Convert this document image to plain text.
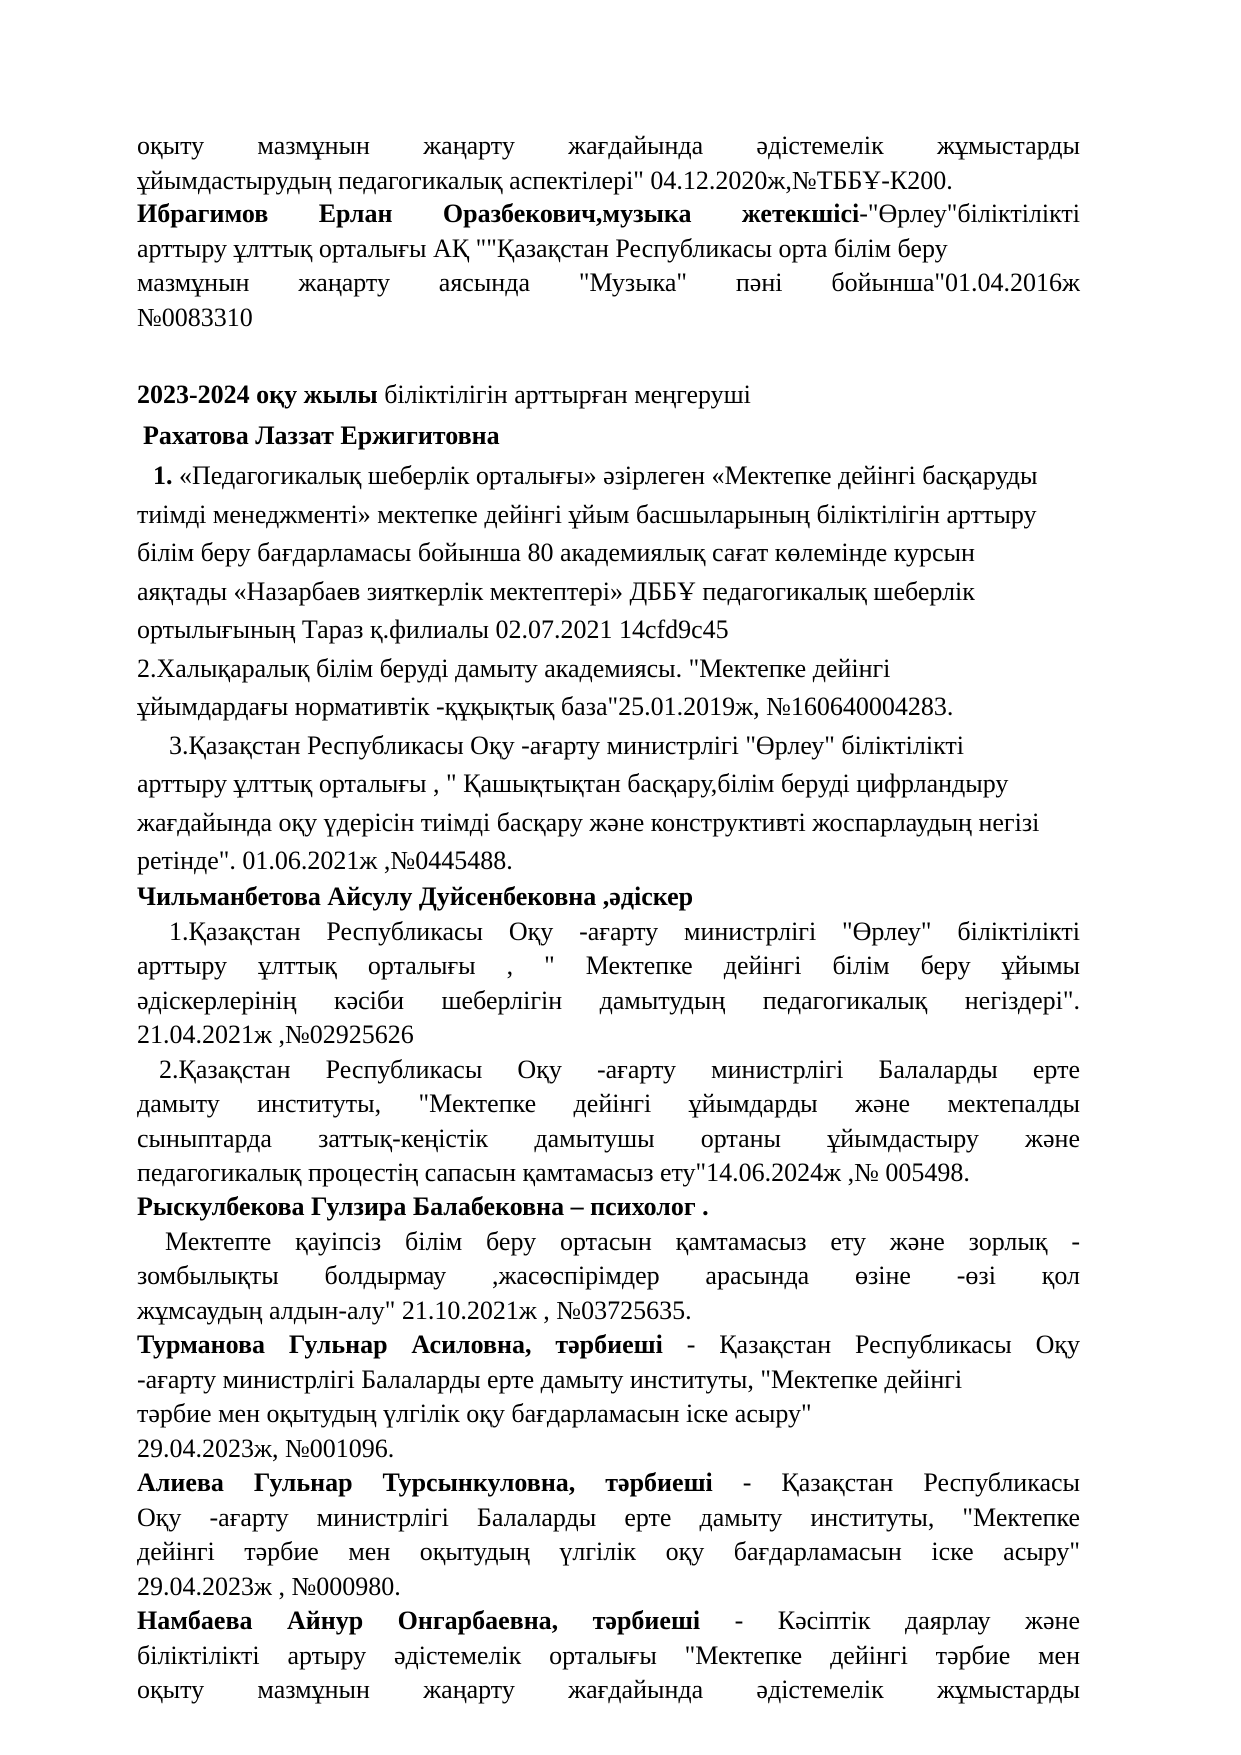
оқыту мазмұнын жаңарту жағдайында әдістемелік жұмыстарды
ұйымдастырудың педагогикалық аспектілері" 04.12.2020ж,№ТББҰ-К200.
Ибрагимов Ерлан Оразбекович,музыка жетекшісі-"Өрлеу"біліктілікті
арттыру ұлттық орталығы АҚ ""Қазақстан Республикасы орта білім беру
мазмұнын жаңарту аясында "Музыка" пәні бойынша"01.04.2016ж
№0083310
2023-2024 оқу жылы біліктілігін арттырған меңгеруші
Рахатова Лаззат Ержигитовна
1. «Педагогикалық шеберлік орталығы» әзірлеген «Мектепке дейінгі басқаруды
тиімді менеджменті» мектепке дейінгі ұйым басшыларының біліктілігін арттыру
білім беру бағдарламасы бойынша 80 академиялық сағат көлемінде курсын
аяқтады «Назарбаев зияткерлік мектептері» ДББҰ педагогикалық шеберлік
ортылығының Тараз қ.филиалы 02.07.2021 14cfd9c45
2.Халықаралық білім беруді дамыту академиясы. "Мектепке дейінгі
ұйымдардағы нормативтік -құқықтық база"25.01.2019ж, №160640004283.
3.Қазақстан Республикасы Оқу -ағарту министрлігі "Өрлеу" біліктілікті
арттыру ұлттық орталығы , " Қашықтықтан басқару,білім беруді цифрландыру
жағдайында оқу үдерісін тиімді басқару және конструктивті жоспарлаудың негізі
ретінде". 01.06.2021ж ,№0445488.
Чильманбетова Айсулу Дуйсенбековна ,әдіскер
1.Қазақстан Республикасы Оқу -ағарту министрлігі "Өрлеу" біліктілікті
арттыру ұлттық орталығы , " Мектепке дейінгі білім беру ұйымы
әдіскерлерінің кәсіби шеберлігін дамытудың педагогикалық негіздері".
21.04.2021ж ,№02925626
2.Қазақстан Республикасы Оқу -ағарту министрлігі Балаларды ерте
дамыту институты, "Мектепке дейінгі ұйымдарды және мектепалды
сыныптарда заттық-кеңістік дамытушы ортаны ұйымдастыру және
педагогикалық процестің сапасын қамтамасыз ету"14.06.2024ж ,№ 005498.
Рыскулбекова Гулзира Балабековна – психолог .
Мектепте қауіпсіз білім беру ортасын қамтамасыз ету және зорлық -
зомбылықты болдырмау ,жасөспірімдер арасында өзіне -өзі қол
жұмсаудың алдын-алу" 21.10.2021ж , №03725635.
Турманова Гульнар Асиловна, тәрбиеші - Қазақстан Республикасы Оқу
-ағарту министрлігі Балаларды ерте дамыту институты, "Мектепке дейінгі
тәрбие мен оқытудың үлгілік оқу бағдарламасын іске асыру"
29.04.2023ж, №001096.
Алиева Гульнар Турсынкуловна, тәрбиеші - Қазақстан Республикасы
Оқу -ағарту министрлігі Балаларды ерте дамыту институты, "Мектепке
дейінгі тәрбие мен оқытудың үлгілік оқу бағдарламасын іске асыру"
29.04.2023ж , №000980.
Намбаева Айнур Онгарбаевна, тәрбиеші - Кәсіптік даярлау және
біліктілікті артыру әдістемелік орталығы "Мектепке дейінгі тәрбие мен
оқыту мазмұнын жаңарту жағдайында әдістемелік жұмыстарды
